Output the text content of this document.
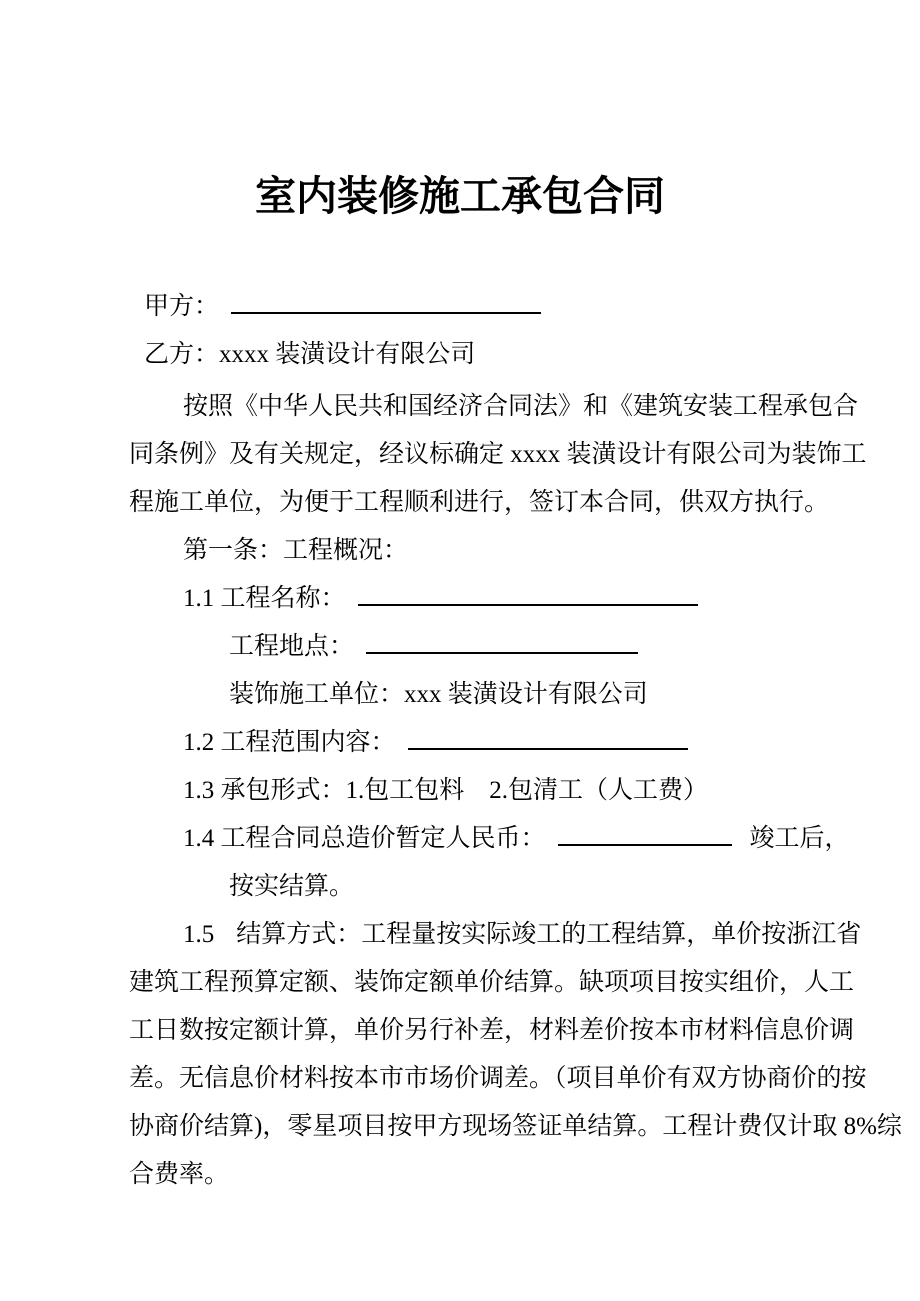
室内装修施工承包合同
甲方：
乙方：xxxx 装潢设计有限公司
按照《中华人民共和国经济合同法》和《建筑安装工程承包合
同条例》及有关规定，经议标确定 xxxx 装潢设计有限公司为装饰工
程施工单位，为便于工程顺利进行，签订本合同，供双方执行。
第一条：工程概况：
1.1 工程名称：
工程地点：
装饰施工单位：xxx 装潢设计有限公司
1.2 工程范围内容：
1.3 承包形式：1.包工包料　2.包清工（人工费）
1.4 工程合同总造价暂定人民币：	竣工后，
按实结算。
1.5 结算方式：工程量按实际竣工的工程结算，单价按浙江省
建筑工程预算定额、装饰定额单价结算。缺项项目按实组价，人工
工日数按定额计算，单价另行补差，材料差价按本市材料信息价调
差。无信息价材料按本市市场价调差。（项目单价有双方协商价的按
协商价结算)，零星项目按甲方现场签证单结算。工程计费仅计取 8%综
合费率。
